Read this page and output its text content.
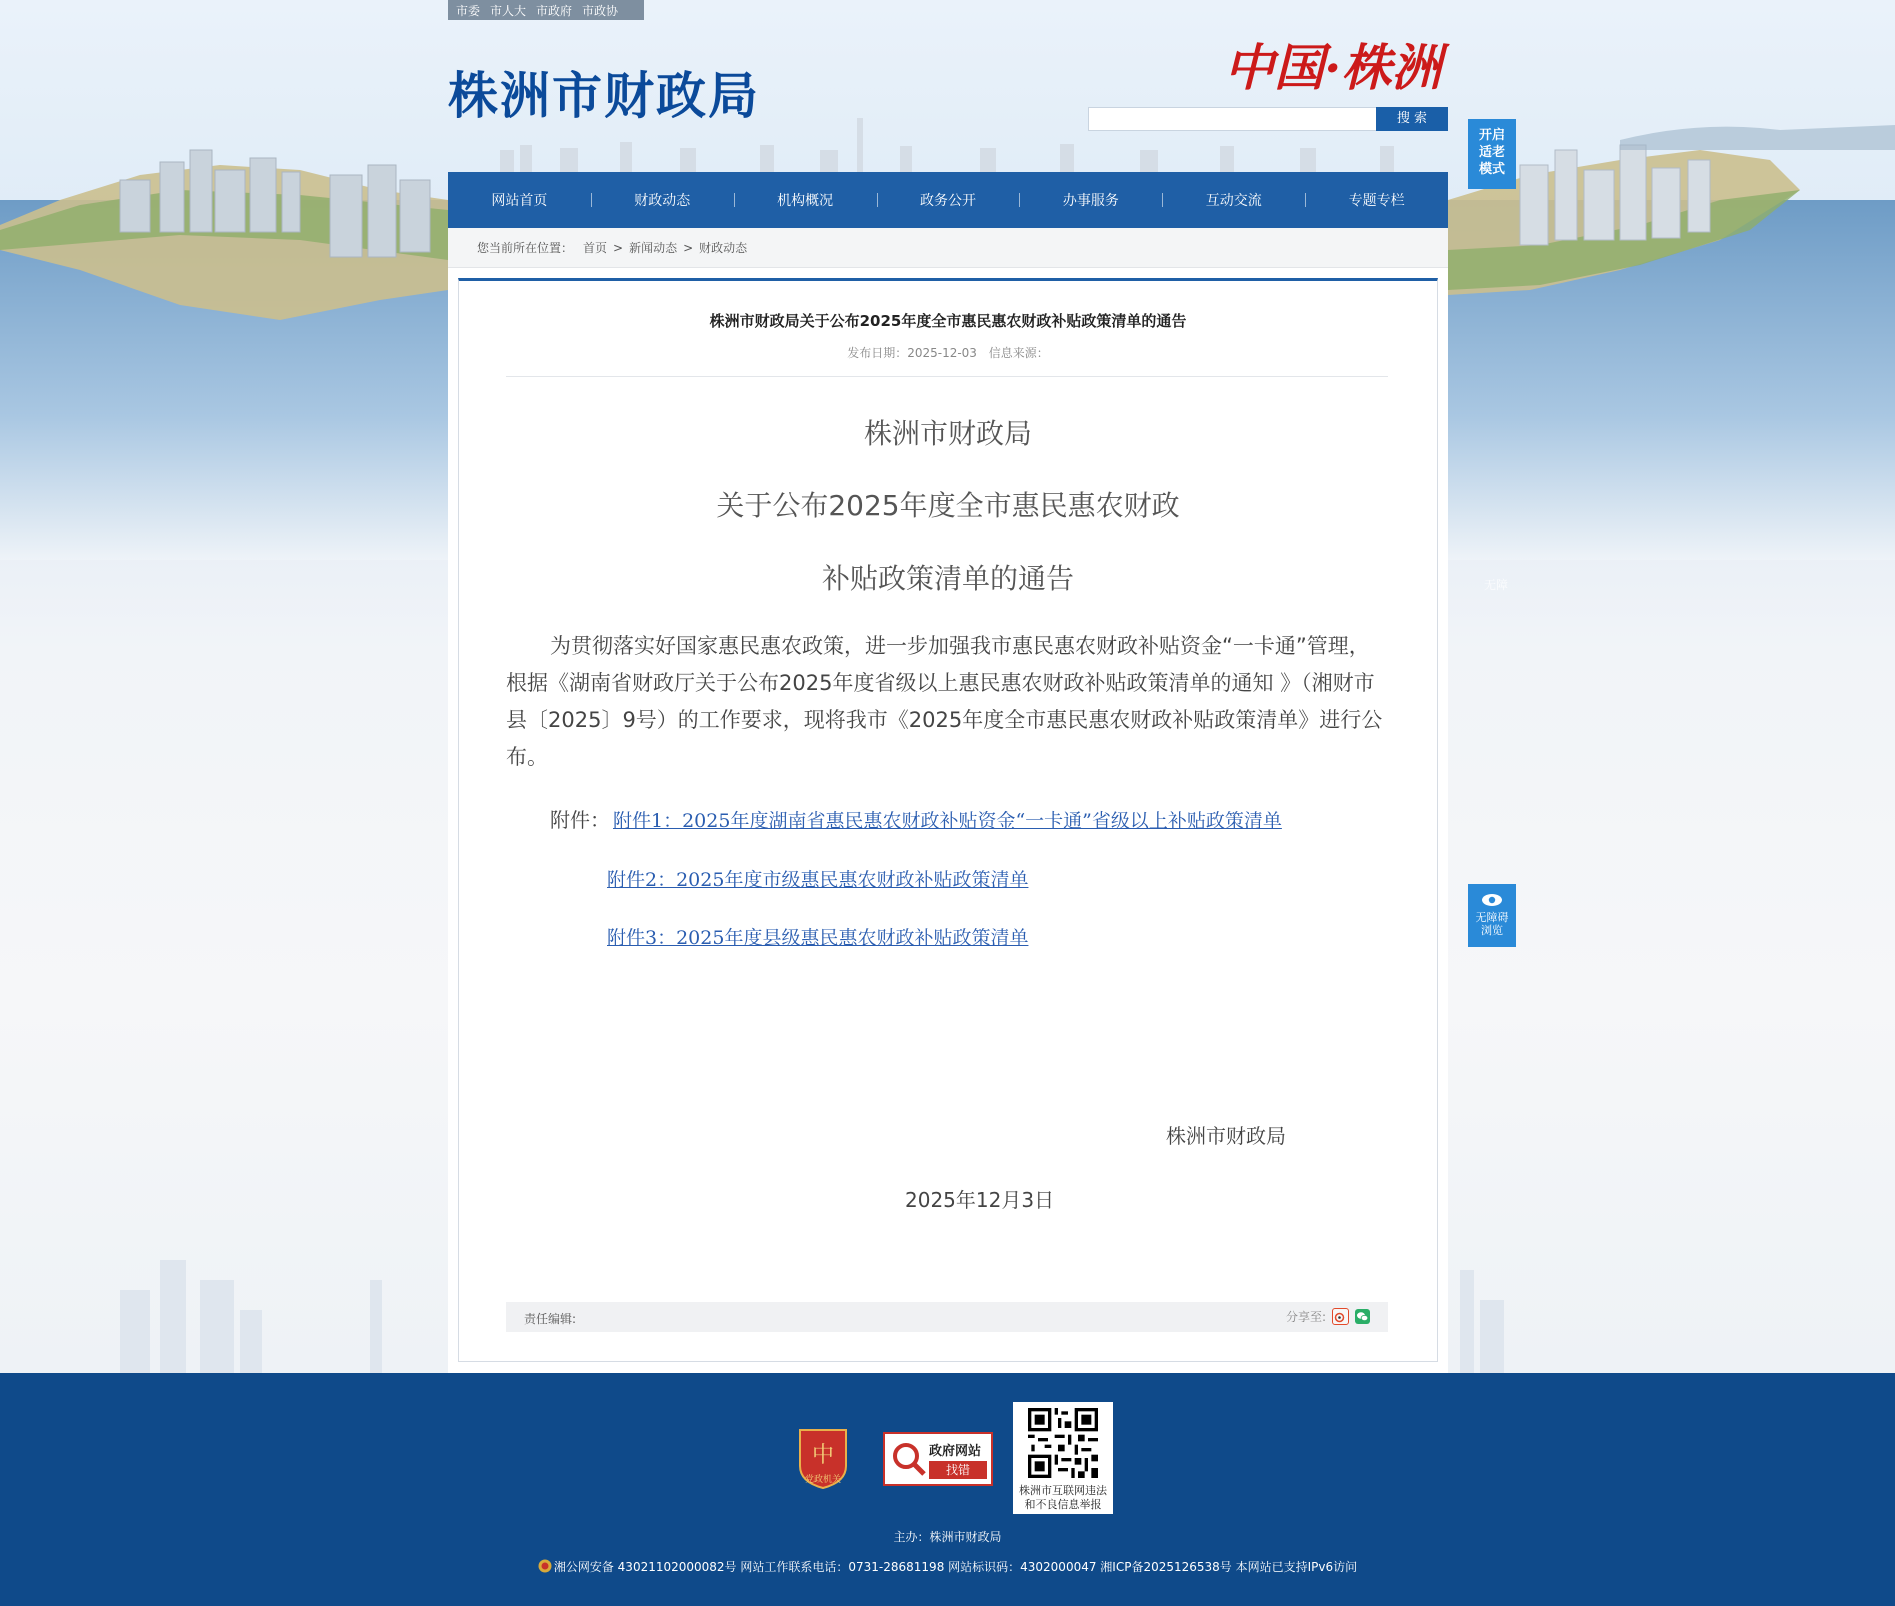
市委 市人大 市政府 市政协
株洲市财政局	中国·株洲
搜 索
开启适老模式
网站首页	财政动态	机构概况	政务公开	办事服务	互动交流	专题专栏
您当前所在位置： 首页 > 新闻动态 > 财政动态
株洲市财政局关于公布2025年度全市惠民惠农财政补贴政策清单的通告
发布日期：2025-12-03 信息来源：
株洲市财政局
关于公布2025年度全市惠民惠农财政
补贴政策清单的通告
为贯彻落实好国家惠民惠农政策，进一步加强我市惠民惠农财政补贴资金“一卡通”管理，根据《湖南省财政厅关于公布2025年度省级以上惠民惠农财政补贴政策清单的通知 》（湘财市县〔2025〕9号）的工作要求，现将我市《2025年度全市惠民惠农财政补贴政策清单》进行公布。
附件： 附件1：2025年度湖南省惠民惠农财政补贴资金“一卡通”省级以上补贴政策清单
附件2：2025年度市级惠民惠农财政补贴政策清单
附件3：2025年度县级惠民惠农财政补贴政策清单
株洲市财政局
2025年12月3日
责任编辑:	分享至:
无障
无障碍浏览
中
党政机关
政府网站
找错
株洲市互联网违法
和不良信息举报
主办：株洲市财政局
湘公网安备 43021102000082号 网站工作联系电话：0731-28681198 网站标识码：4302000047 湘ICP备2025126538号 本网站已支持IPv6访问
